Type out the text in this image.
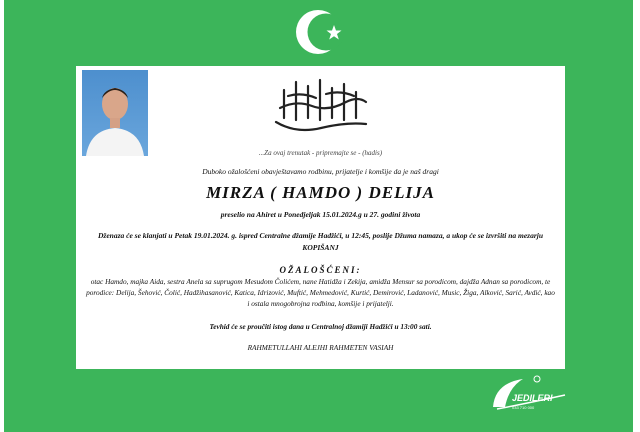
...Za ovaj trenutak - pripremajte se - (hadis)
Duboko ožalošćeni obavještavamo rodbinu, prijatelje i komšije da je naš dragi
MIRZA ( HAMDO ) DELIJA
preselio na Ahiret u Ponedjeljak 15.01.2024.g u 27. godini života
Dženaza će se klanjati u Petak 19.01.2024. g. ispred Centralne džamije Hadžići, u 12:45, poslije Džuma namaza, a ukop će se izvršiti na mezarju KOPIŠANJ
OŽALOŠĆENI:
otac Hamdo, majka Aida, sestra Anela sa suprugom Mesudom Čolićem, nane Hatidža i Zekija, amidža Mensur sa porodicom, dajdža Adnan sa porodicom, te porodice: Delija, Šehović, Čolić, Hadžihasanović, Katica, Idrizović, Muftić, Mehmedović, Kurtić, Demirović, Ladanović, Music, Žiga, Alković, Sarić, Avdić, kao i ostala mnogobrojna rodbina, komšije i prijatelji.
Tevhid će se proučiti istog dana u Centralnoj džamiji Hadžići u 13:00 sati.
RAHMETULLAHI ALEJHI RAHMETEN VASIAH
JEDILERI
033 710 000
